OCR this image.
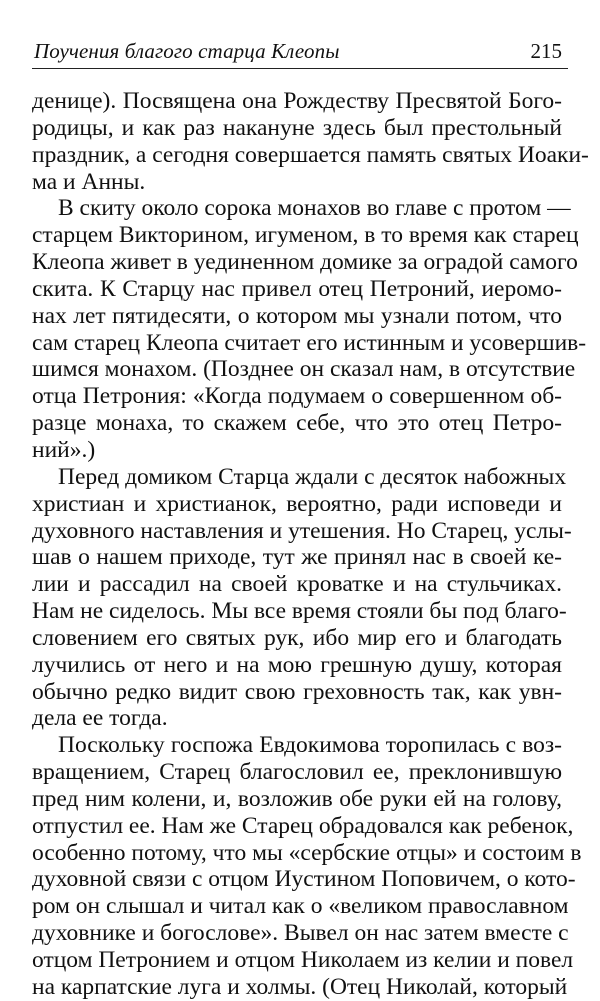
Поучения благого старца Клеопы	215
денице). Посвящена она Рождеству Пресвятой Бого-
родицы, и как раз накануне здесь был престольный
праздник, а сегодня совершается память святых Иоаки-
ма и Анны.
В скиту около сорока монахов во главе с протом —
старцем Викторином, игуменом, в то время как старец
Клеопа живет в уединенном домике за оградой самого
скита. К Старцу нас привел отец Петроний, иеромо-
нах лет пятидесяти, о котором мы узнали потом, что
сам старец Клеопа считает его истинным и усовершив-
шимся монахом. (Позднее он сказал нам, в отсутствие
отца Петрония: «Когда подумаем о совершенном об-
разце монаха, то скажем себе, что это отец Петро-
ний».)
Перед домиком Старца ждали с десяток набожных
христиан и христианок, вероятно, ради исповеди и
духовного наставления и утешения. Но Старец, услы-
шав о нашем приходе, тут же принял нас в своей ке-
лии и рассадил на своей кроватке и на стульчиках.
Нам не сиделось. Мы все время стояли бы под благо-
словением его святых рук, ибо мир его и благодать
лучились от него и на мою грешную душу, которая
обычно редко видит свою греховность так, как увн-
дела ее тогда.
Поскольку госпожа Евдокимова торопилась с воз-
вращением, Старец благословил ее, преклонившую
пред ним колени, и, возложив обе руки ей на голову,
отпустил ее. Нам же Старец обрадовался как ребенок,
особенно потому, что мы «сербские отцы» и состоим в
духовной связи с отцом Иустином Поповичем, о кото-
ром он слышал и читал как о «великом православном
духовнике и богослове». Вывел он нас затем вместе с
отцом Петронием и отцом Николаем из келии и повел
на карпатские луга и холмы. (Отец Николай, который
